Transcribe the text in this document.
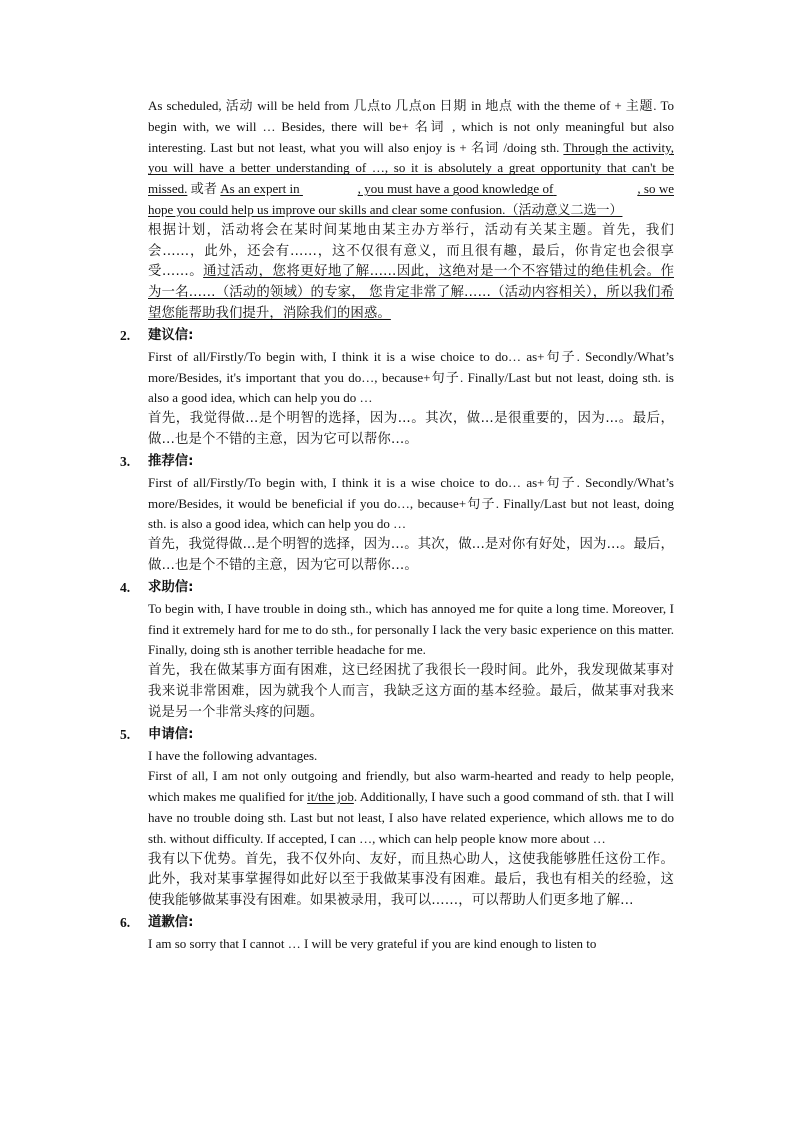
As scheduled, 活动 will be held from 几点to 几点on 日期 in 地点 with the theme of + 主题. To begin with, we will … Besides, there will be+ 名词 , which is not only meaningful but also interesting. Last but not least, what you will also enjoy is + 名词 /doing sth. Through the activity, you will have a better understanding of …, so it is absolutely a great opportunity that can't be missed. 或者 As an expert in	, you must have a good knowledge of	, so we hope you could help us improve our skills and clear some confusion.（活动意义二选一）

根据计划，活动将会在某时间某地由某主办方举行，活动有关某主题。首先，我们会……，此外，还会有……，这不仅很有意义，而且很有趣，最后，你肯定也会很享受……。通过活动，您将更好地了解……因此，这绝对是一个不容错过的绝佳机会。作为一名……（活动的领域）的专家， 您肯定非常了解……（活动内容相关），所以我们希望您能帮助我们提升，消除我们的困惑。

2. 建议信:

First of all/Firstly/To begin with, I think it is a wise choice to do… as+句子. Secondly/What’s more/Besides, it's important that you do…, because+句子. Finally/Last but not least, doing sth. is also a good idea, which can help you do …

首先，我觉得做...是个明智的选择，因为...。其次，做...是很重要的，因为...。最后，做…也是个不错的主意，因为它可以帮你…。

3. 推荐信:

First of all/Firstly/To begin with, I think it is a wise choice to do… as+句子. Secondly/What’s more/Besides, it would be beneficial if you do…, because+句子. Finally/Last but not least, doing sth. is also a good idea, which can help you do …

首先，我觉得做...是个明智的选择，因为…。其次，做...是对你有好处，因为…。最后，做…也是个不错的主意，因为它可以帮你…。

4. 求助信:

To begin with, I have trouble in doing sth., which has annoyed me for quite a long time. Moreover, I find it extremely hard for me to do sth., for personally I lack the very basic experience on this matter. Finally, doing sth is another terrible headache for me.

首先，我在做某事方面有困难，这已经困扰了我很长一段时间。此外，我发现做某事对我来说非常困难，因为就我个人而言，我缺乏这方面的基本经验。最后，做某事对我来说是另一个非常头疼的问题。

5. 申请信:

I have the following advantages.

First of all, I am not only outgoing and friendly, but also warm-hearted and ready to help people, which makes me qualified for it/the job. Additionally, I have such a good command of sth. that I will have no trouble doing sth. Last but not least, I also have related experience, which allows me to do sth. without difficulty. If accepted, I can …, which can help people know more about …

我有以下优势。首先，我不仅外向、友好，而且热心助人，这使我能够胜任这份工作。此外，我对某事掌握得如此好以至于我做某事没有困难。最后，我也有相关的经验，这使我能够做某事没有困难。如果被录用，我可以……，可以帮助人们更多地了解…

6. 道歉信:

I am so sorry that I cannot … I will be very grateful if you are kind enough to listen to
